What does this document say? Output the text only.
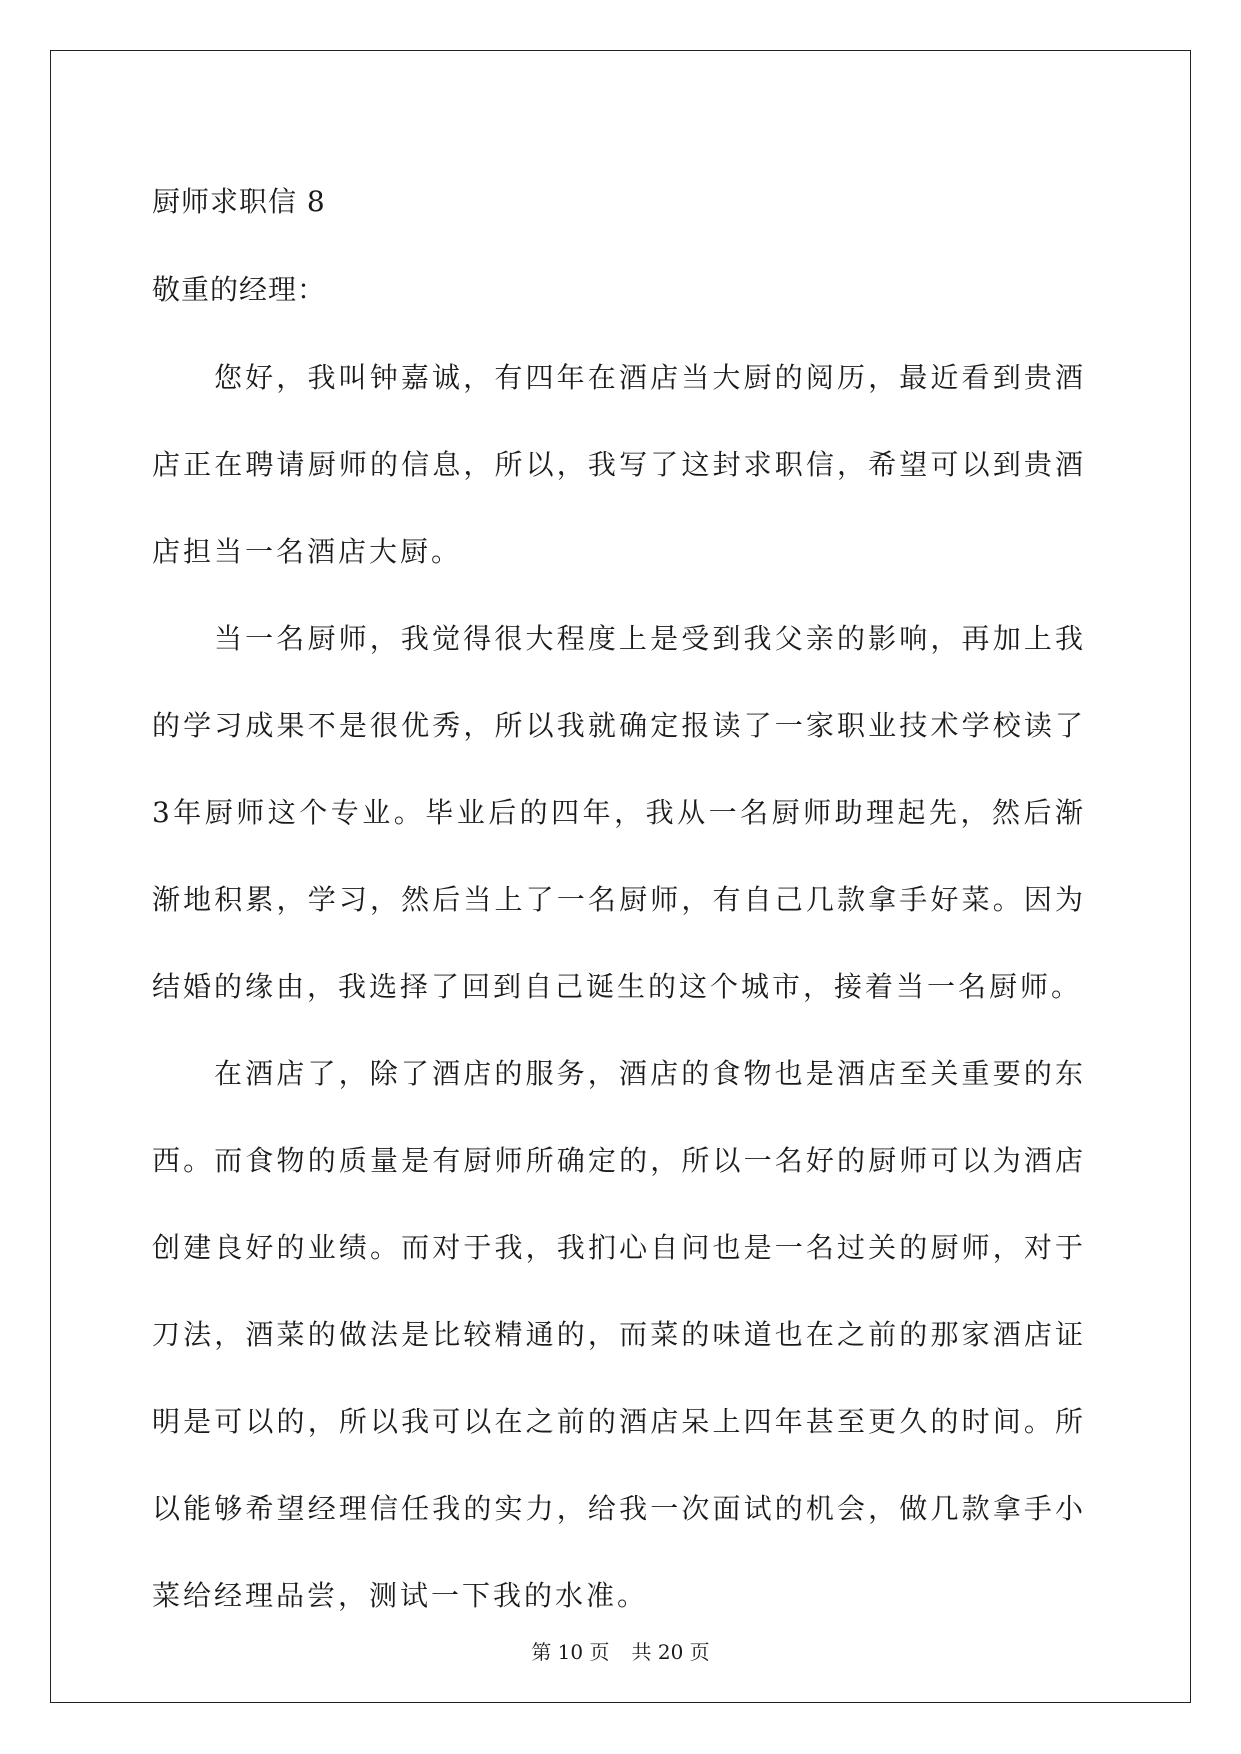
厨师求职信 8

敬重的经理：

您好，我叫钟嘉诚，有四年在酒店当大厨的阅历，最近看到贵酒店正在聘请厨师的信息，所以，我写了这封求职信，希望可以到贵酒店担当一名酒店大厨。

当一名厨师，我觉得很大程度上是受到我父亲的影响，再加上我的学习成果不是很优秀，所以我就确定报读了一家职业技术学校读了3年厨师这个专业。毕业后的四年，我从一名厨师助理起先，然后渐渐地积累，学习，然后当上了一名厨师，有自己几款拿手好菜。因为结婚的缘由，我选择了回到自己诞生的这个城市，接着当一名厨师。

在酒店了，除了酒店的服务，酒店的食物也是酒店至关重要的东西。而食物的质量是有厨师所确定的，所以一名好的厨师可以为酒店创建良好的业绩。而对于我，我扪心自问也是一名过关的厨师，对于刀法，酒菜的做法是比较精通的，而菜的味道也在之前的那家酒店证明是可以的，所以我可以在之前的酒店呆上四年甚至更久的时间。所以能够希望经理信任我的实力，给我一次面试的机会，做几款拿手小菜给经理品尝，测试一下我的水准。

第 10 页 共 20 页
